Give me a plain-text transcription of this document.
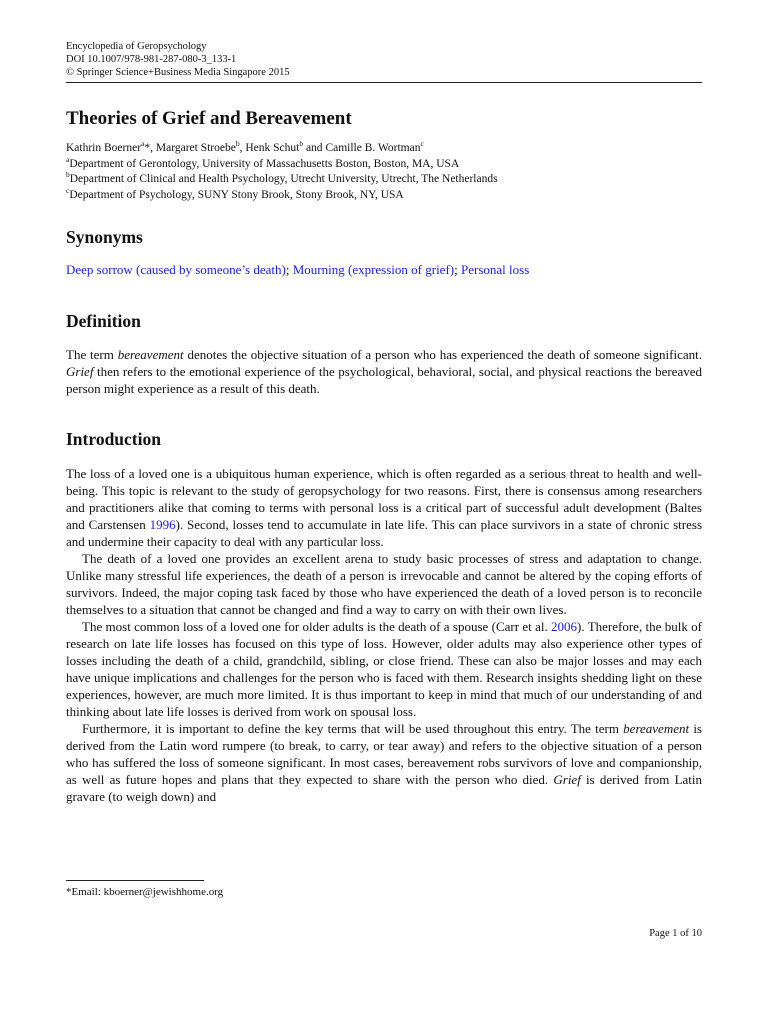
Encyclopedia of Geropsychology
DOI 10.1007/978-981-287-080-3_133-1
© Springer Science+Business Media Singapore 2015
Theories of Grief and Bereavement
Kathrin Boerner$^a$*, Margaret Stroebe$^b$, Henk Schut$^b$ and Camille B. Wortman$^c$
$^a$Department of Gerontology, University of Massachusetts Boston, Boston, MA, USA
$^b$Department of Clinical and Health Psychology, Utrecht University, Utrecht, The Netherlands
$^c$Department of Psychology, SUNY Stony Brook, Stony Brook, NY, USA
Synonyms
Deep sorrow (caused by someone’s death); Mourning (expression of grief); Personal loss
Definition

The term bereavement denotes the objective situation of a person who has experienced the death of someone significant. Grief then refers to the emotional experience of the psychological, behavioral, social, and physical reactions the bereaved person might experience as a result of this death.

Introduction

The loss of a loved one is a ubiquitous human experience, which is often regarded as a serious threat to health and well-being. This topic is relevant to the study of geropsychology for two reasons. First, there is consensus among researchers and practitioners alike that coming to terms with personal loss is a critical part of successful adult development (Baltes and Carstensen 1996). Second, losses tend to accumulate in late life. This can place survivors in a state of chronic stress and undermine their capacity to deal with any particular loss.

The death of a loved one provides an excellent arena to study basic processes of stress and adaptation to change. Unlike many stressful life experiences, the death of a person is irrevocable and cannot be altered by the coping efforts of survivors. Indeed, the major coping task faced by those who have experienced the death of a loved person is to reconcile themselves to a situation that cannot be changed and find a way to carry on with their own lives.

The most common loss of a loved one for older adults is the death of a spouse (Carr et al. 2006). Therefore, the bulk of research on late life losses has focused on this type of loss. However, older adults may also experience other types of losses including the death of a child, grandchild, sibling, or close friend. These can also be major losses and may each have unique implications and challenges for the person who is faced with them. Research insights shedding light on these experiences, however, are much more limited. It is thus important to keep in mind that much of our understanding of and thinking about late life losses is derived from work on spousal loss.

Furthermore, it is important to define the key terms that will be used throughout this entry. The term bereavement is derived from the Latin word rumpere (to break, to carry, or tear away) and refers to the objective situation of a person who has suffered the loss of someone significant. In most cases, bereavement robs survivors of love and companionship, as well as future hopes and plans that they expected to share with the person who died. Grief is derived from Latin gravare (to weigh down) and

*Email: kboerner@jewishhome.org
Page 1 of 10
